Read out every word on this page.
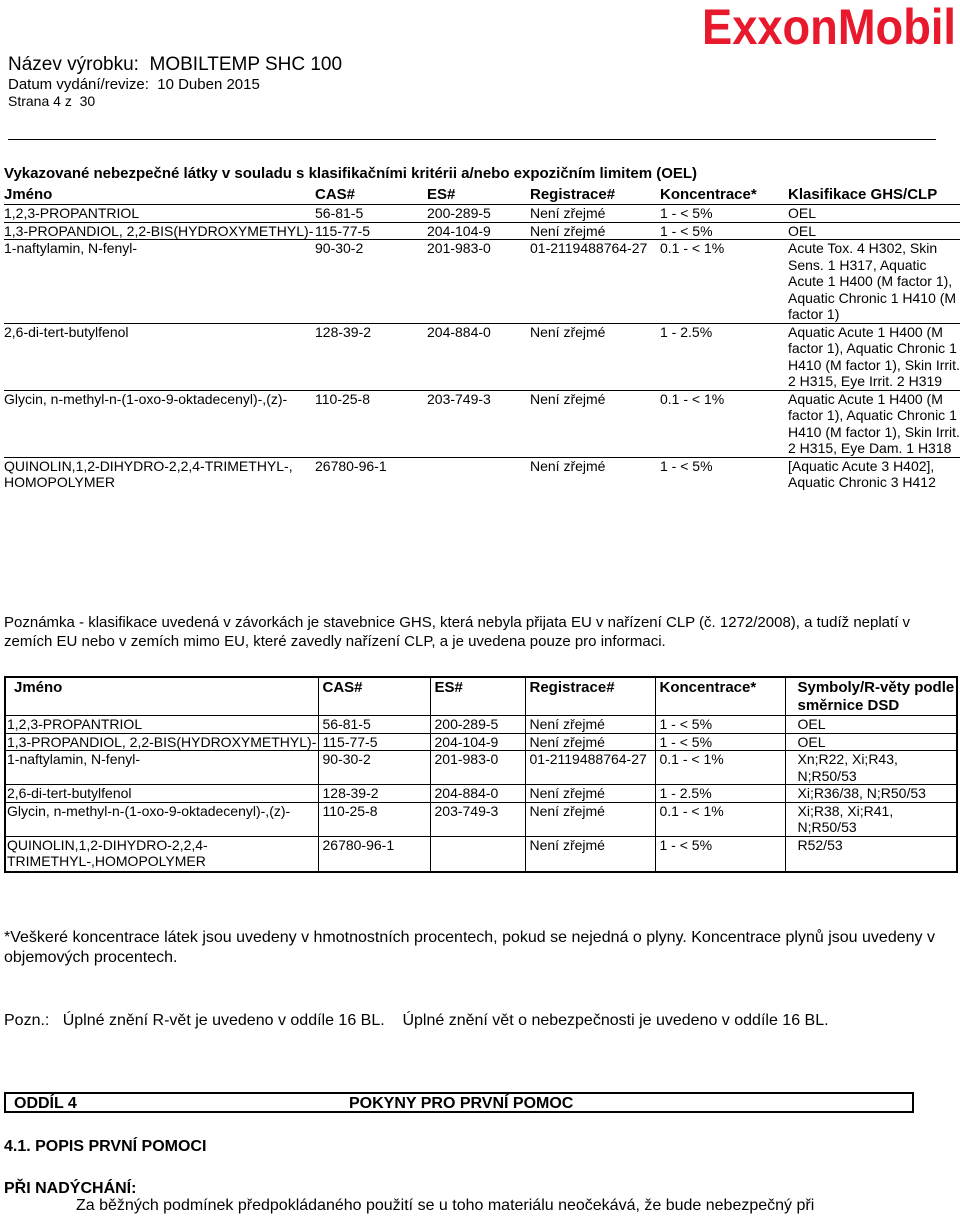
ExxonMobil
Název výrobku: MOBILTEMP SHC 100
Datum vydání/revize: 10 Duben 2015
Strana 4 z 30
Vykazované nebezpečné látky v souladu s klasifikačními kritérii a/nebo expozičním limitem (OEL)
Jméno	CAS#	ES#	Registrace#	Koncentrace*	Klasifikace GHS/CLP
1,2,3-PROPANTRIOL	56-81-5	200-289-5	Není zřejmé	1 - < 5%	OEL
1,3-PROPANDIOL, 2,2-BIS(HYDROXYMETHYL)-	115-77-5	204-104-9	Není zřejmé	1 - < 5%	OEL
1-naftylamin, N-fenyl-	90-30-2	201-983-0	01-2119488764-27	0.1 - < 1%	Acute Tox. 4 H302, Skin Sens. 1 H317, Aquatic Acute 1 H400 (M factor 1), Aquatic Chronic 1 H410 (M factor 1)
2,6-di-tert-butylfenol	128-39-2	204-884-0	Není zřejmé	1 - 2.5%	Aquatic Acute 1 H400 (M factor 1), Aquatic Chronic 1 H410 (M factor 1), Skin Irrit. 2 H315, Eye Irrit. 2 H319
Glycin, n-methyl-n-(1-oxo-9-oktadecenyl)-,(z)-	110-25-8	203-749-3	Není zřejmé	0.1 - < 1%	Aquatic Acute 1 H400 (M factor 1), Aquatic Chronic 1 H410 (M factor 1), Skin Irrit. 2 H315, Eye Dam. 1 H318
QUINOLIN,1,2-DIHYDRO-2,2,4-TRIMETHYL-, HOMOPOLYMER	26780-96-1		Není zřejmé	1 - < 5%	[Aquatic Acute 3 H402], Aquatic Chronic 3 H412
Poznámka - klasifikace uvedená v závorkách je stavebnice GHS, která nebyla přijata EU v nařízení CLP (č. 1272/2008), a tudíž neplatí v zemích EU nebo v zemích mimo EU, které zavedly nařízení CLP, a je uvedena pouze pro informaci.
Jméno	CAS#	ES#	Registrace#	Koncentrace*	Symboly/R-věty podle směrnice DSD
1,2,3-PROPANTRIOL	56-81-5	200-289-5	Není zřejmé	1 - < 5%	OEL
1,3-PROPANDIOL, 2,2-BIS(HYDROXYMETHYL)-	115-77-5	204-104-9	Není zřejmé	1 - < 5%	OEL
1-naftylamin, N-fenyl-	90-30-2	201-983-0	01-2119488764-27	0.1 - < 1%	Xn;R22, Xi;R43, N;R50/53
2,6-di-tert-butylfenol	128-39-2	204-884-0	Není zřejmé	1 - 2.5%	Xi;R36/38, N;R50/53
Glycin, n-methyl-n-(1-oxo-9-oktadecenyl)-,(z)-	110-25-8	203-749-3	Není zřejmé	0.1 - < 1%	Xi;R38, Xi;R41, N;R50/53
QUINOLIN,1,2-DIHYDRO-2,2,4-TRIMETHYL-,HOMOPOLYMER	26780-96-1		Není zřejmé	1 - < 5%	R52/53
*Veškeré koncentrace látek jsou uvedeny v hmotnostních procentech, pokud se nejedná o plyny. Koncentrace plynů jsou uvedeny v objemových procentech.
Pozn.: Úplné znění R-vět je uvedeno v oddíle 16 BL. Úplné znění vět o nebezpečnosti je uvedeno v oddíle 16 BL.
ODDÍL 4	POKYNY PRO PRVNÍ POMOC
4.1. POPIS PRVNÍ POMOCI
PŘI NADÝCHÁNÍ:
Za běžných podmínek předpokládaného použití se u toho materiálu neočekává, že bude nebezpečný při
